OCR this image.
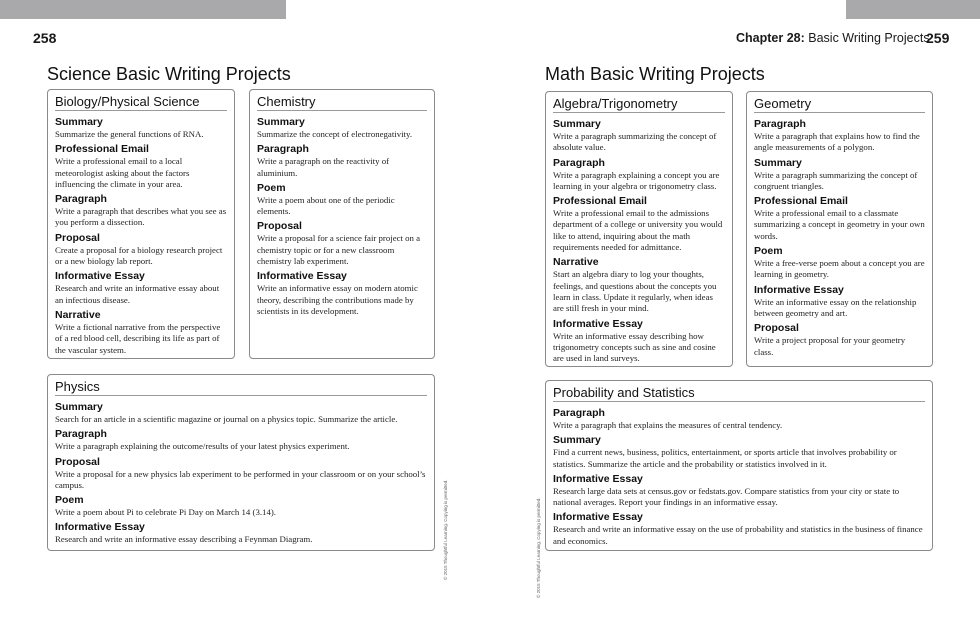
258	Chapter 28: Basic Writing Projects
259
Science Basic Writing Projects	Math Basic Writing Projects
Biology/Physical Science
Summary

Summarize the general functions of RNA.

Professional Email

Write a professional email to a local meteorologist asking about the factors influencing the climate in your area.

Paragraph

Write a paragraph that describes what you see as you perform a dissection.

Proposal

Create a proposal for a biology research project or a new biology lab report.

Informative Essay

Research and write an informative essay about an infectious disease.

Narrative

Write a fictional narrative from the perspective of a red blood cell, describing its life as part of the vascular system.

Chemistry
Summary

Summarize the concept of electronegativity.

Paragraph

Write a paragraph on the reactivity of aluminium.

Poem

Write a poem about one of the periodic elements.

Proposal

Write a proposal for a science fair project on a chemistry topic or for a new classroom chemistry lab experiment.

Informative Essay

Write an informative essay on modern atomic theory, describing the contributions made by scientists in its development.

Physics
Summary

Search for an article in a scientific magazine or journal on a physics topic. Summarize the article.

Paragraph

Write a paragraph explaining the outcome/results of your latest physics experiment.

Proposal

Write a proposal for a new physics lab experiment to be performed in your classroom or on your school’s campus.

Poem

Write a poem about Pi to celebrate Pi Day on March 14 (3.14).

Informative Essay

Research and write an informative essay describing a Feynman Diagram.	© 2015 Thoughtful Learning. Copying is permitted.	© 2015 Thoughtful Learning. Copying is permitted.
Algebra/Trigonometry
Summary

Write a paragraph summarizing the concept of absolute value.

Paragraph

Write a paragraph explaining a concept you are learning in your algebra or trigonometry class.

Professional Email

Write a professional email to the admissions department of a college or university you would like to attend, inquiring about the math requirements needed for admittance.

Narrative

Start an algebra diary to log your thoughts, feelings, and questions about the concepts you learn in class. Update it regularly, when ideas are still fresh in your mind.

Informative Essay

Write an informative essay describing how trigonometry concepts such as sine and cosine are used in land surveys.

Geometry
Paragraph

Write a paragraph that explains how to find the angle measurements of a polygon.

Summary

Write a paragraph summarizing the concept of congruent triangles.

Professional Email

Write a professional email to a classmate summarizing a concept in geometry in your own words.

Poem

Write a free-verse poem about a concept you are learning in geometry.

Informative Essay

Write an informative essay on the relationship between geometry and art.

Proposal

Write a project proposal for your geometry class.

Probability and Statistics
Paragraph

Write a paragraph that explains the measures of central tendency.

Summary

Find a current news, business, politics, entertainment, or sports article that involves probability or statistics. Summarize the article and the probability or statistics involved in it.

Informative Essay

Research large data sets at census.gov or fedstats.gov. Compare statistics from your city or state to national averages. Report your findings in an informative essay.

Informative Essay

Research and write an informative essay on the use of probability and statistics in the business of finance and economics.
